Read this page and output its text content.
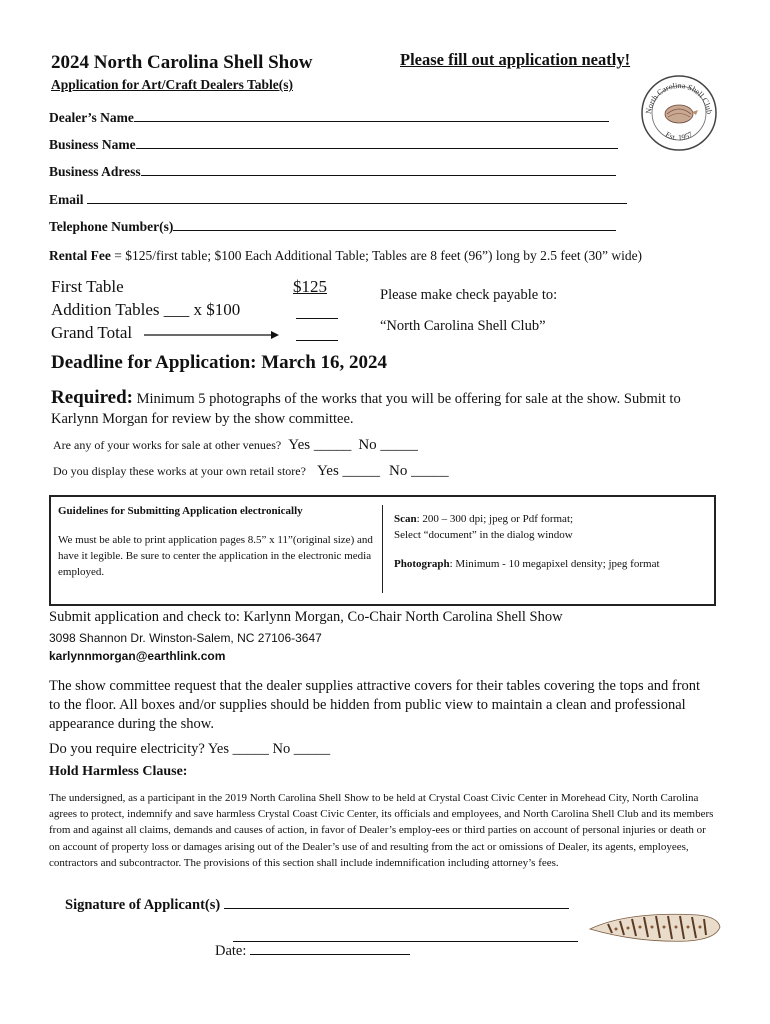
2024 North Carolina Shell Show	Please fill out application neatly!
Application for Art/Craft Dealers Table(s)
North Carolina Shell Club
Est. 1957
Dealer’s Name
Business Name
Business Adress
Email
Telephone Number(s)
Rental Fee = $125/first table; $100 Each Additional Table; Tables are 8 feet (96”) long by 2.5 feet (30” wide)
First Table	$125
Addition Tables ___ x $100
Grand Total
Please make check payable to:
“North Carolina Shell Club”
Deadline for Application: March 16, 2024
Required: Minimum 5 photographs of the works that you will be offering for sale at the show. Submit to
Karlynn Morgan for review by the show committee.
Are any of your works for sale at other venues? Yes _____ No _____
Do you display these works at your own retail store? Yes _____ No _____
Guidelines for Submitting Application electronically
We must be able to print application pages 8.5” x 11”(original size) and have it legible. Be sure to center the application in the electronic media employed.
Scan: 200 – 300 dpi; jpeg or Pdf format;
Select “document” in the dialog window
Photograph: Minimum - 10 megapixel density; jpeg format
Submit application and check to: Karlynn Morgan, Co-Chair North Carolina Shell Show
3098 Shannon Dr. Winston-Salem, NC 27106-3647
karlynnmorgan@earthlink.com
The show committee request that the dealer supplies attractive covers for their tables covering the tops and front to the floor. All boxes and/or supplies should be hidden from public view to maintain a clean and professional appearance during the show.
Do you require electricity? Yes _____ No _____
Hold Harmless Clause:
The undersigned, as a participant in the 2019 North Carolina Shell Show to be held at Crystal Coast Civic Center in Morehead City, North Carolina agrees to protect, indemnify and save harmless Crystal Coast Civic Center, its officials and employees, and North Carolina Shell Club and its members from and against all claims, demands and causes of action, in favor of Dealer’s employ-ees or third parties on account of personal injuries or death or on account of property loss or damages arising out of the Dealer’s use of and resulting from the act or omissions of Dealer, its agents, employees, contractors and subcontractor. The provisions of this section shall include indemnification including attorney’s fees.
Signature of Applicant(s)
Date:
